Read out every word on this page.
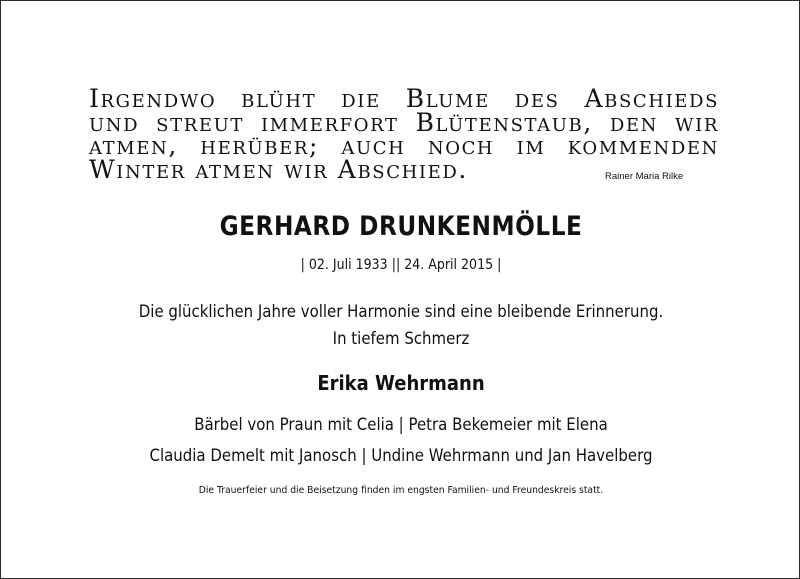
Irgendwo blüht die Blume des Abschieds
und streut immerfort Blütenstaub, den wir
atmen, herüber; auch noch im kommenden
Winter atmen wir Abschied.	Rainer Maria Rilke
GERHARD DRUNKENMÖLLE
| 02. Juli 1933 || 24. April 2015 |
Die glücklichen Jahre voller Harmonie sind eine bleibende Erinnerung.
In tiefem Schmerz
Erika Wehrmann
Bärbel von Praun mit Celia | Petra Bekemeier mit Elena
Claudia Demelt mit Janosch | Undine Wehrmann und Jan Havelberg
Die Trauerfeier und die Beisetzung finden im engsten Familien- und Freundeskreis statt.
